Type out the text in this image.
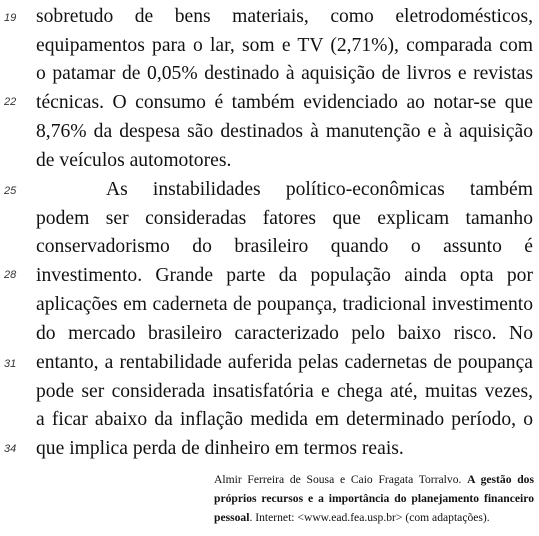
19
22
25
28
31
34
sobretudo de bens materiais, como eletrodomésticos,
equipamentos para o lar, som e TV (2,71%), comparada com
o patamar de 0,05% destinado à aquisição de livros e revistas
técnicas. O consumo é também evidenciado ao notar-se que
8,76% da despesa são destinados à manutenção e à aquisição
de veículos automotores.
As instabilidades político-econômicas também
podem ser consideradas fatores que explicam tamanho
conservadorismo do brasileiro quando o assunto é
investimento. Grande parte da população ainda opta por
aplicações em caderneta de poupança, tradicional investimento
do mercado brasileiro caracterizado pelo baixo risco. No
entanto, a rentabilidade auferida pelas cadernetas de poupança
pode ser considerada insatisfatória e chega até, muitas vezes,
a ficar abaixo da inflação medida em determinado período, o
que implica perda de dinheiro em termos reais.
Almir Ferreira de Sousa e Caio Fragata Torralvo. A gestão dos próprios recursos e a importância do planejamento financeiro pessoal. Internet: <www.ead.fea.usp.br> (com adaptações).
